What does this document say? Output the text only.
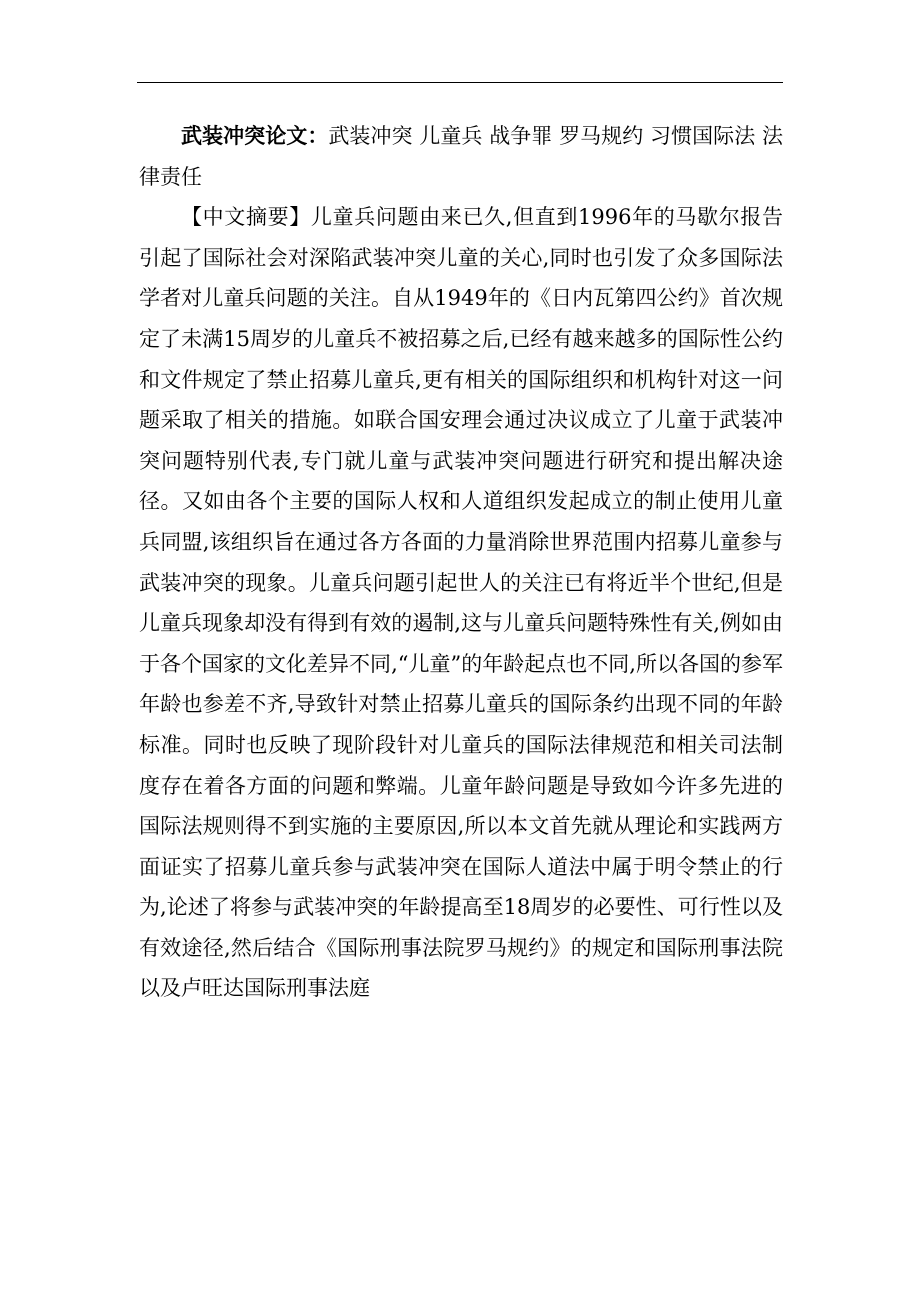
武装冲突论文：武装冲突 儿童兵 战争罪 罗马规约 习惯国际法 法律责任

【中文摘要】儿童兵问题由来已久,但直到1996年的马歇尔报告引起了国际社会对深陷武装冲突儿童的关心,同时也引发了众多国际法学者对儿童兵问题的关注。自从1949年的《日内瓦第四公约》首次规定了未满15周岁的儿童兵不被招募之后,已经有越来越多的国际性公约和文件规定了禁止招募儿童兵,更有相关的国际组织和机构针对这一问题采取了相关的措施。如联合国安理会通过决议成立了儿童于武装冲突问题特别代表,专门就儿童与武装冲突问题进行研究和提出解决途径。又如由各个主要的国际人权和人道组织发起成立的制止使用儿童兵同盟,该组织旨在通过各方各面的力量消除世界范围内招募儿童参与武装冲突的现象。儿童兵问题引起世人的关注已有将近半个世纪,但是儿童兵现象却没有得到有效的遏制,这与儿童兵问题特殊性有关,例如由于各个国家的文化差异不同,“儿童”的年龄起点也不同,所以各国的参军年龄也参差不齐,导致针对禁止招募儿童兵的国际条约出现不同的年龄标准。同时也反映了现阶段针对儿童兵的国际法律规范和相关司法制度存在着各方面的问题和弊端。儿童年龄问题是导致如今许多先进的国际法规则得不到实施的主要原因,所以本文首先就从理论和实践两方面证实了招募儿童兵参与武装冲突在国际人道法中属于明令禁止的行为,论述了将参与武装冲突的年龄提高至18周岁的必要性、可行性以及有效途径,然后结合《国际刑事法院罗马规约》的规定和国际刑事法院以及卢旺达国际刑事法庭
